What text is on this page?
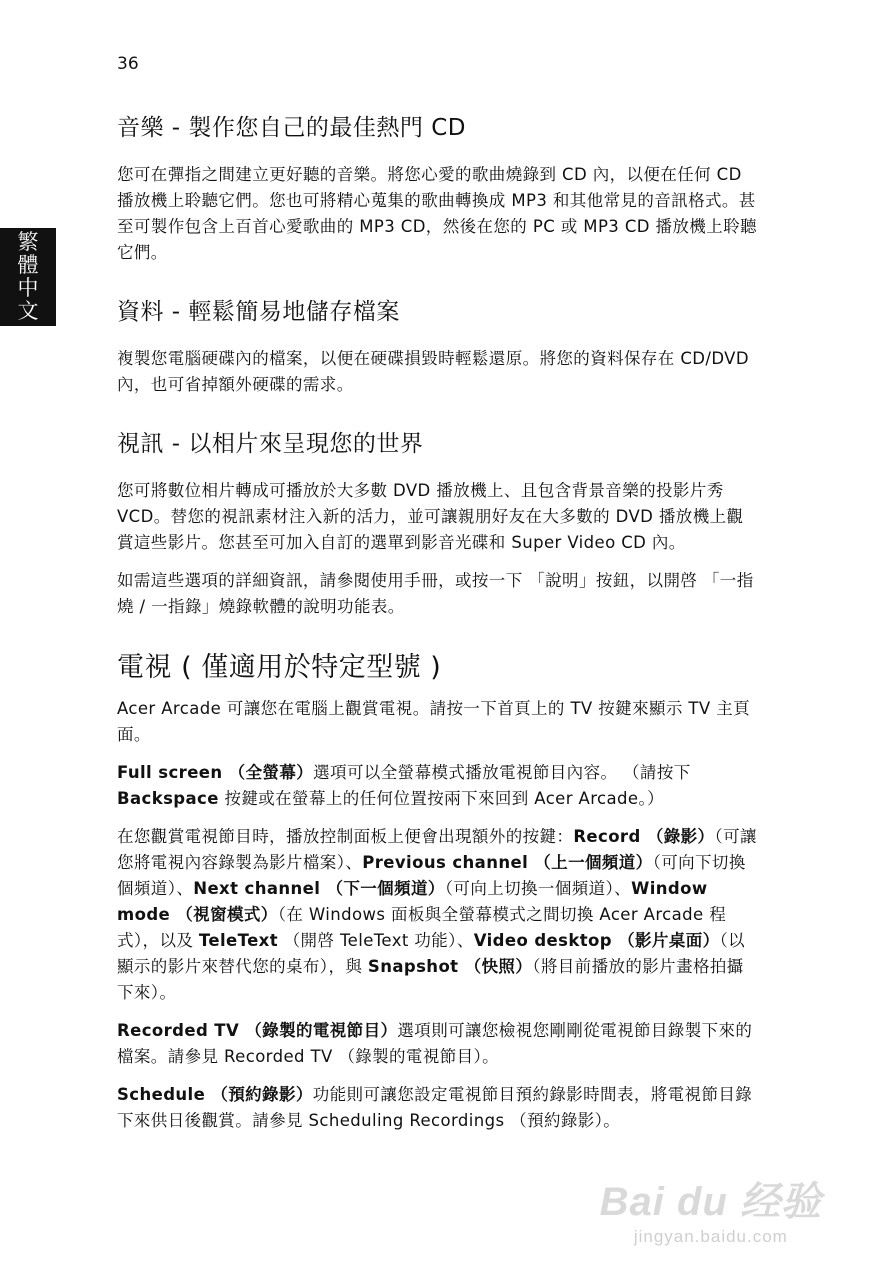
36
繁
體
中
文
音樂 - 製作您自己的最佳熱門 CD

您可在彈指之間建立更好聽的音樂。將您心愛的歌曲燒錄到 CD 內，以便在任何 CD 播放機上聆聽它們。您也可將精心蒐集的歌曲轉換成 MP3 和其他常見的音訊格式。甚至可製作包含上百首心愛歌曲的 MP3 CD，然後在您的 PC 或 MP3 CD 播放機上聆聽它們。

資料 - 輕鬆簡易地儲存檔案

複製您電腦硬碟內的檔案，以便在硬碟損毀時輕鬆還原。將您的資料保存在 CD/DVD 內，也可省掉額外硬碟的需求。

視訊 - 以相片來呈現您的世界

您可將數位相片轉成可播放於大多數 DVD 播放機上、且包含背景音樂的投影片秀 VCD。替您的視訊素材注入新的活力，並可讓親朋好友在大多數的 DVD 播放機上觀賞這些影片。您甚至可加入自訂的選單到影音光碟和 Super Video CD 內。

如需這些選項的詳細資訊，請參閱使用手冊，或按一下 「說明」按鈕，以開啓 「一指燒 / 一指錄」燒錄軟體的說明功能表。

電視 ( 僅適用於特定型號 )

Acer Arcade 可讓您在電腦上觀賞電視。請按一下首頁上的 TV 按鍵來顯示 TV 主頁面。

Full screen （全螢幕）選項可以全螢幕模式播放電視節目內容。 （請按下 Backspace 按鍵或在螢幕上的任何位置按兩下來回到 Acer Arcade。）

在您觀賞電視節目時，播放控制面板上便會出現額外的按鍵：Record （錄影）（可讓您將電視內容錄製為影片檔案）、Previous channel （上一個頻道）（可向下切換個頻道）、Next channel （下一個頻道）（可向上切換一個頻道）、Window mode （視窗模式）（在 Windows 面板與全螢幕模式之間切換 Acer Arcade 程式），以及 TeleText （開啓 TeleText 功能）、Video desktop （影片桌面）（以顯示的影片來替代您的桌布），與 Snapshot （快照）（將目前播放的影片畫格拍攝下來）。

Recorded TV （錄製的電視節目）選項則可讓您檢視您剛剛從電視節目錄製下來的檔案。請參見 Recorded TV （錄製的電視節目）。

Schedule （預約錄影）功能則可讓您設定電視節目預約錄影時間表，將電視節目錄下來供日後觀賞。請參見 Scheduling Recordings （預約錄影）。

Bai du 经验
jingyan.baidu.com
